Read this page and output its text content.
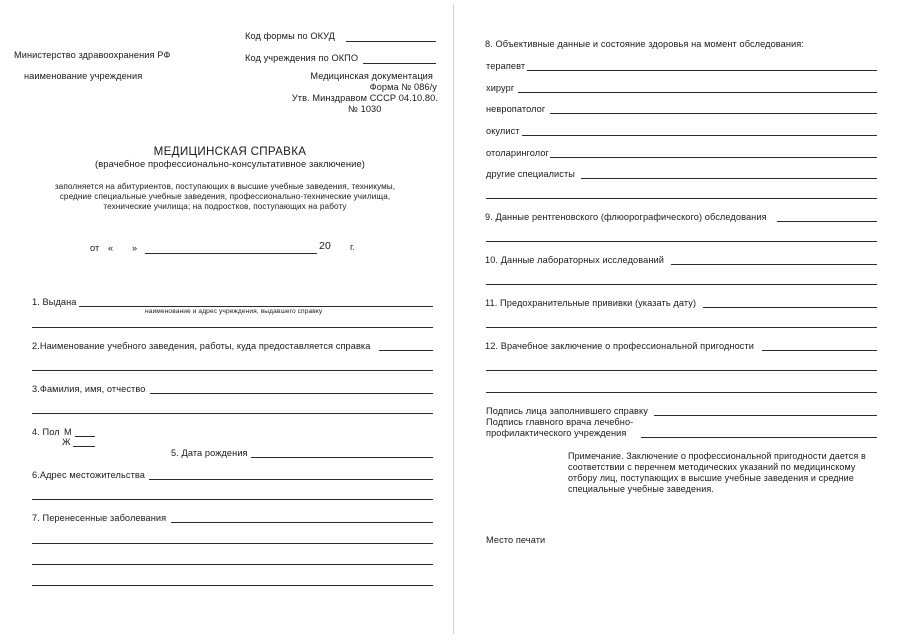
Код формы по ОКУД
Код учреждения по ОКПО
Министерство здравоохранения РФ
наименование учреждения	Медицинская документация
Форма № 086/у
Утв. Минздравом СССР 04.10.80.
№ 1030
МЕДИЦИНСКАЯ СПРАВКА
(врачебное профессионально-консультативное заключение)
заполняется на абитуриентов, поступающих в высшие учебные заведения, техникумы,
средние специальные учебные заведения, профессионально-технические училища,
технические училища; на подростков, поступающих на работу
от « »	20 г.
1. Выдана
наименование и адрес учреждения, выдавшего справку
2.Наименование учебного заведения, работы, куда предоставляется справка
3.Фамилия, имя, отчество
4. Пол М
Ж
5. Дата рождения
6.Адрес местожительства
7. Перенесенные заболевания
8. Объективные данные и состояние здоровья на момент обследования:
терапевт
хирург
невропатолог
окулист
отоларинголог
другие специалисты
9. Данные рентгеновского (флюорографического) обследования
10. Данные лабораторных исследований
11. Предохранительные прививки (указать дату)
12. Врачебное заключение о профессиональной пригодности
Подпись лица заполнившего справку
Подпись главного врача лечебно-
профилактического учреждения
Примечание. Заключение о профессиональной пригодности дается в соответствии с перечнем методических указаний по медицинскому отбору лиц, поступающих в высшие учебные заведения и средние специальные учебные заведения.
Место печати
